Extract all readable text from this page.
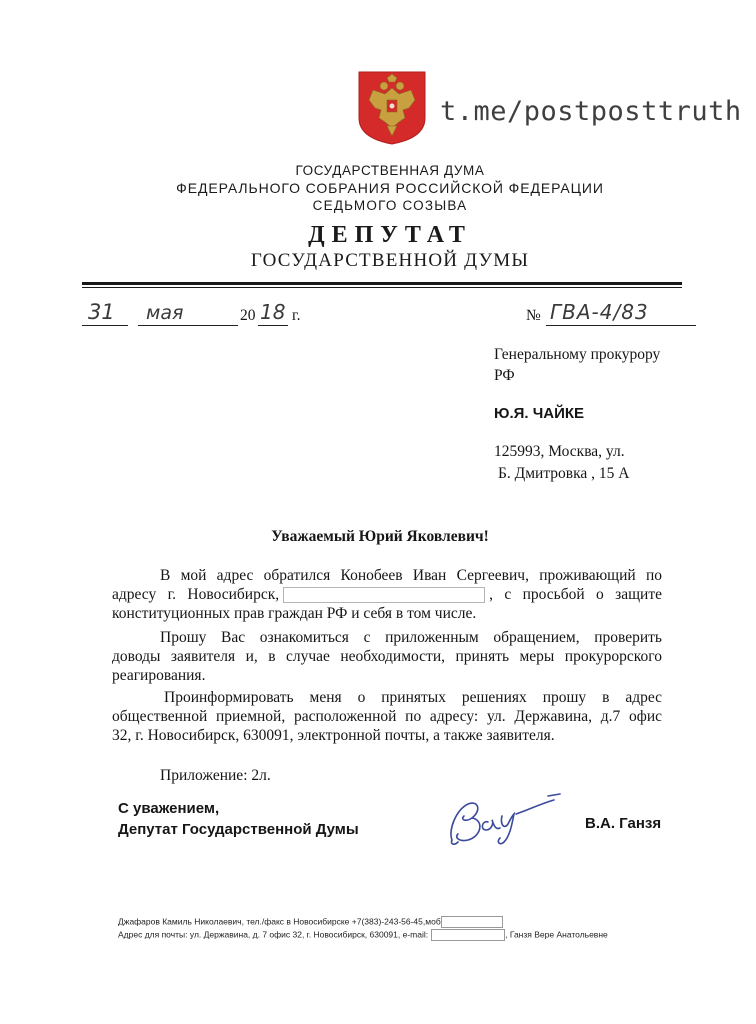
t.me/postposttruth
ГОСУДАРСТВЕННАЯ ДУМА
ФЕДЕРАЛЬНОГО СОБРАНИЯ РОССИЙСКОЙ ФЕДЕРАЦИИ
СЕДЬМОГО СОЗЫВА
ДЕПУТАТ
ГОСУДАРСТВЕННОЙ ДУМЫ
31 мая	20 18 г.	№ ГВА-4/83
Генеральному прокурору
РФ
Ю.Я. ЧАЙКЕ
125993, Москва, ул.
Б. Дмитровка , 15 А
Уважаемый Юрий Яковлевич!
В мой адрес обратился Конобеев Иван Сергеевич, проживающий по
адресу г. Новосибирск,	, с просьбой о защите
конституционных прав граждан РФ и себя в том числе.
Прошу Вас ознакомиться с приложенным обращением, проверить
доводы заявителя и, в случае необходимости, принять меры прокурорского
реагирования.
Проинформировать меня о принятых решениях прошу в адрес
общественной приемной, расположенной по адресу: ул. Державина, д.7 офис
32, г. Новосибирск, 630091, электронной почты, а также заявителя.
Приложение: 2л.
С уважением,
Депутат Государственной Думы	В.А. Ганзя
Джафаров Камиль Николаевич, тел./факс в Новосибирске +7(383)-243-56-45,моб
Адрес для почты: ул. Державина, д. 7 офис 32, г. Новосибирск, 630091, e-mail:	, Ганзя Вере Анатольевне
